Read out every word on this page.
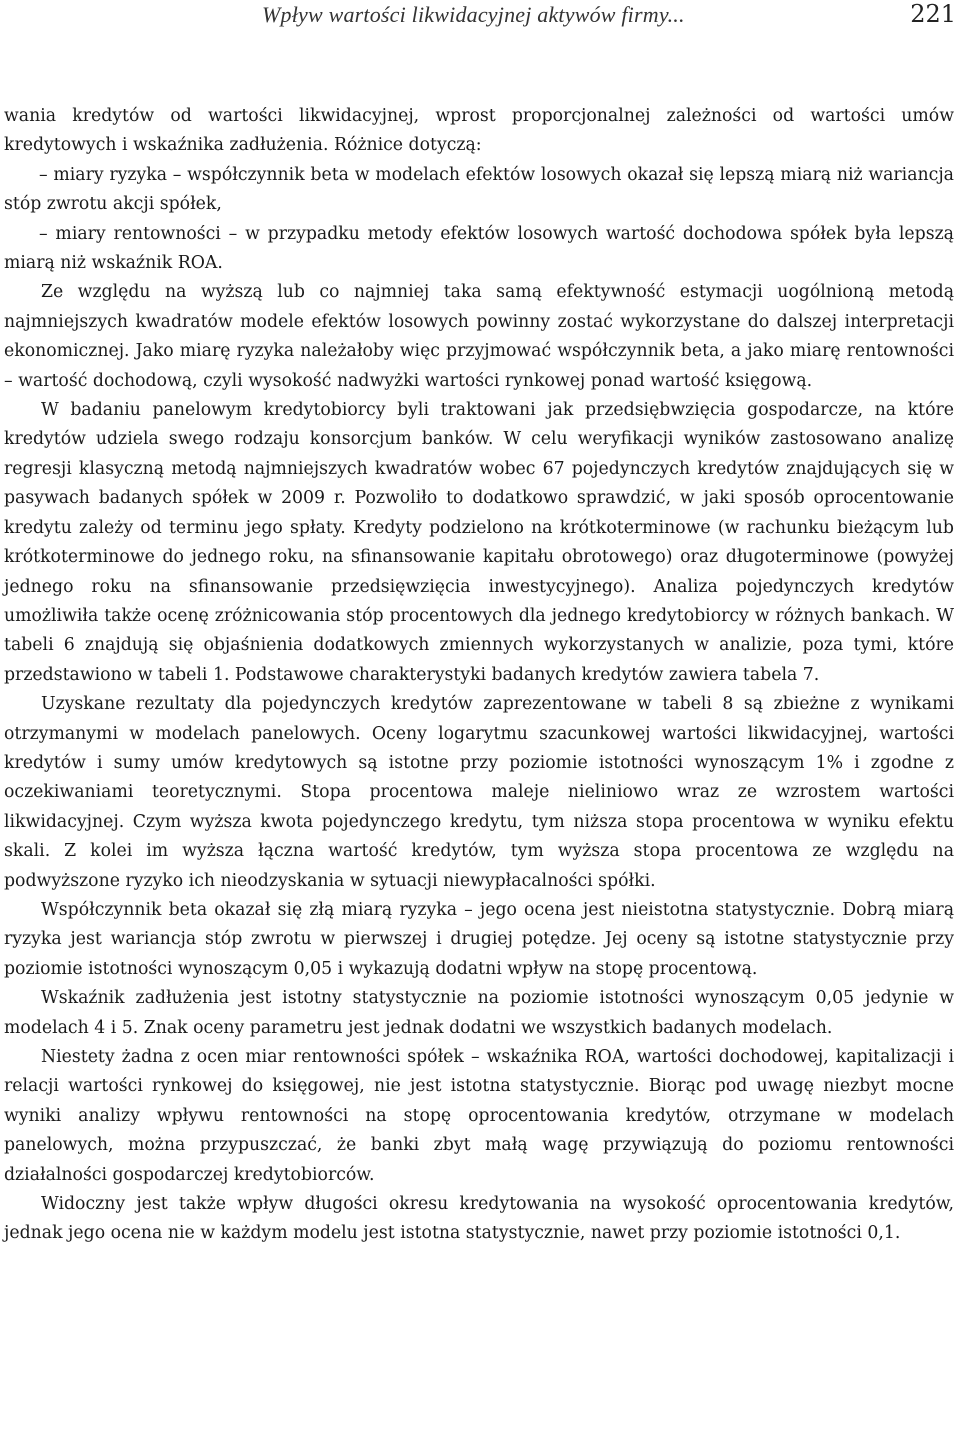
Wpływ wartości likwidacyjnej aktywów firmy...	221

wania kredytów od wartości likwidacyjnej, wprost proporcjonalnej zależności od wartości umów kredytowych i wskaźnika zadłużenia. Różnice dotyczą:

– miary ryzyka – współczynnik beta w modelach efektów losowych okazał się lepszą miarą niż wariancja stóp zwrotu akcji spółek,

– miary rentowności – w przypadku metody efektów losowych wartość dochodowa spółek była lepszą miarą niż wskaźnik ROA.

Ze względu na wyższą lub co najmniej taka samą efektywność estymacji uogólnioną metodą najmniejszych kwadratów modele efektów losowych powinny zostać wykorzystane do dalszej interpretacji ekonomicznej. Jako miarę ryzyka należałoby więc przyjmować współczynnik beta, a jako miarę rentowności – wartość dochodową, czyli wysokość nadwyżki wartości rynkowej ponad wartość księgową.

W badaniu panelowym kredytobiorcy byli traktowani jak przedsiębwzięcia gospodarcze, na które kredytów udziela swego rodzaju konsorcjum banków. W celu weryfikacji wyników zastosowano analizę regresji klasyczną metodą najmniejszych kwadratów wobec 67 pojedynczych kredytów znajdujących się w pasywach badanych spółek w 2009 r. Pozwoliło to dodatkowo sprawdzić, w jaki sposób oprocentowanie kredytu zależy od terminu jego spłaty. Kredyty podzielono na krótkoterminowe (w rachunku bieżącym lub krótkoterminowe do jednego roku, na sfinansowanie kapitału obrotowego) oraz długoterminowe (powyżej jednego roku na sfinansowanie przedsięwzięcia inwestycyjnego). Analiza pojedynczych kredytów umożliwiła także ocenę zróżnicowania stóp procentowych dla jednego kredytobiorcy w różnych bankach. W tabeli 6 znajdują się objaśnienia dodatkowych zmiennych wykorzystanych w analizie, poza tymi, które przedstawiono w tabeli 1. Podstawowe charakterystyki badanych kredytów zawiera tabela 7.

Uzyskane rezultaty dla pojedynczych kredytów zaprezentowane w tabeli 8 są zbieżne z wynikami otrzymanymi w modelach panelowych. Oceny logarytmu szacunkowej wartości likwidacyjnej, wartości kredytów i sumy umów kredytowych są istotne przy poziomie istotności wynoszącym 1% i zgodne z oczekiwaniami teoretycznymi. Stopa procentowa maleje nieliniowo wraz ze wzrostem wartości likwidacyjnej. Czym wyższa kwota pojedynczego kredytu, tym niższa stopa procentowa w wyniku efektu skali. Z kolei im wyższa łączna wartość kredytów, tym wyższa stopa procentowa ze względu na podwyższone ryzyko ich nieodzyskania w sytuacji niewypłacalności spółki.

Współczynnik beta okazał się złą miarą ryzyka – jego ocena jest nieistotna statystycznie. Dobrą miarą ryzyka jest wariancja stóp zwrotu w pierwszej i drugiej potędze. Jej oceny są istotne statystycznie przy poziomie istotności wynoszącym 0,05 i wykazują dodatni wpływ na stopę procentową.

Wskaźnik zadłużenia jest istotny statystycznie na poziomie istotności wynoszącym 0,05 jedynie w modelach 4 i 5. Znak oceny parametru jest jednak dodatni we wszystkich badanych modelach.

Niestety żadna z ocen miar rentowności spółek – wskaźnika ROA, wartości dochodowej, kapitalizacji i relacji wartości rynkowej do księgowej, nie jest istotna statystycznie. Biorąc pod uwagę niezbyt mocne wyniki analizy wpływu rentowności na stopę oprocentowania kredytów, otrzymane w modelach panelowych, można przypuszczać, że banki zbyt małą wagę przywiązują do poziomu rentowności działalności gospodarczej kredytobiorców.

Widoczny jest także wpływ długości okresu kredytowania na wysokość oprocentowania kredytów, jednak jego ocena nie w każdym modelu jest istotna statystycznie, nawet przy poziomie istotności 0,1.
